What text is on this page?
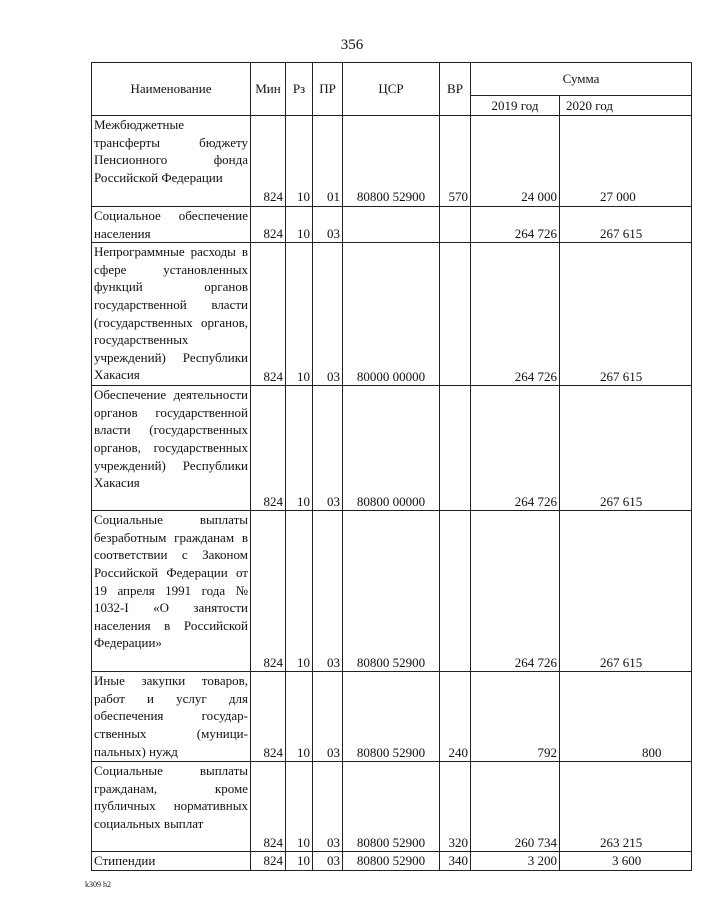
356
Наименование	Мин	Рз	ПР	ЦСР	ВР	Сумма	
						2019 год	2020 год
Межбюджетные трансферты бюджету Пенсионного фонда Российской Федерации	824	10	01	80800 52900	570	24 000	27 000
Социальное обеспечение населения	824	10	03			264 726	267 615
Непрограммные расходы в сфере установленных функций органов государственной власти (государственных органов, государственных учреждений) Республики Хакасия	824	10	03	80000 00000		264 726	267 615
Обеспечение деятельности органов государственной власти (государственных органов, государственных учреждений) Республики Хакасия	824	10	03	80800 00000		264 726	267 615
Социальные выплаты безработным гражданам в соответствии с Законом Российской Федерации от 19 апреля 1991 года № 1032-I «О занятости населения в Российской Федерации»	824	10	03	80800 52900		264 726	267 615
Иные закупки товаров, работ и услуг для обеспечения государственных (муниципальных) нужд	824	10	03	80800 52900	240	792	800
Социальные выплаты гражданам, кроме публичных нормативных социальных выплат	824	10	03	80800 52900	320	260 734	263 215
Стипендии	824	10	03	80800 52900	340	3 200	3 600
k309 h2
